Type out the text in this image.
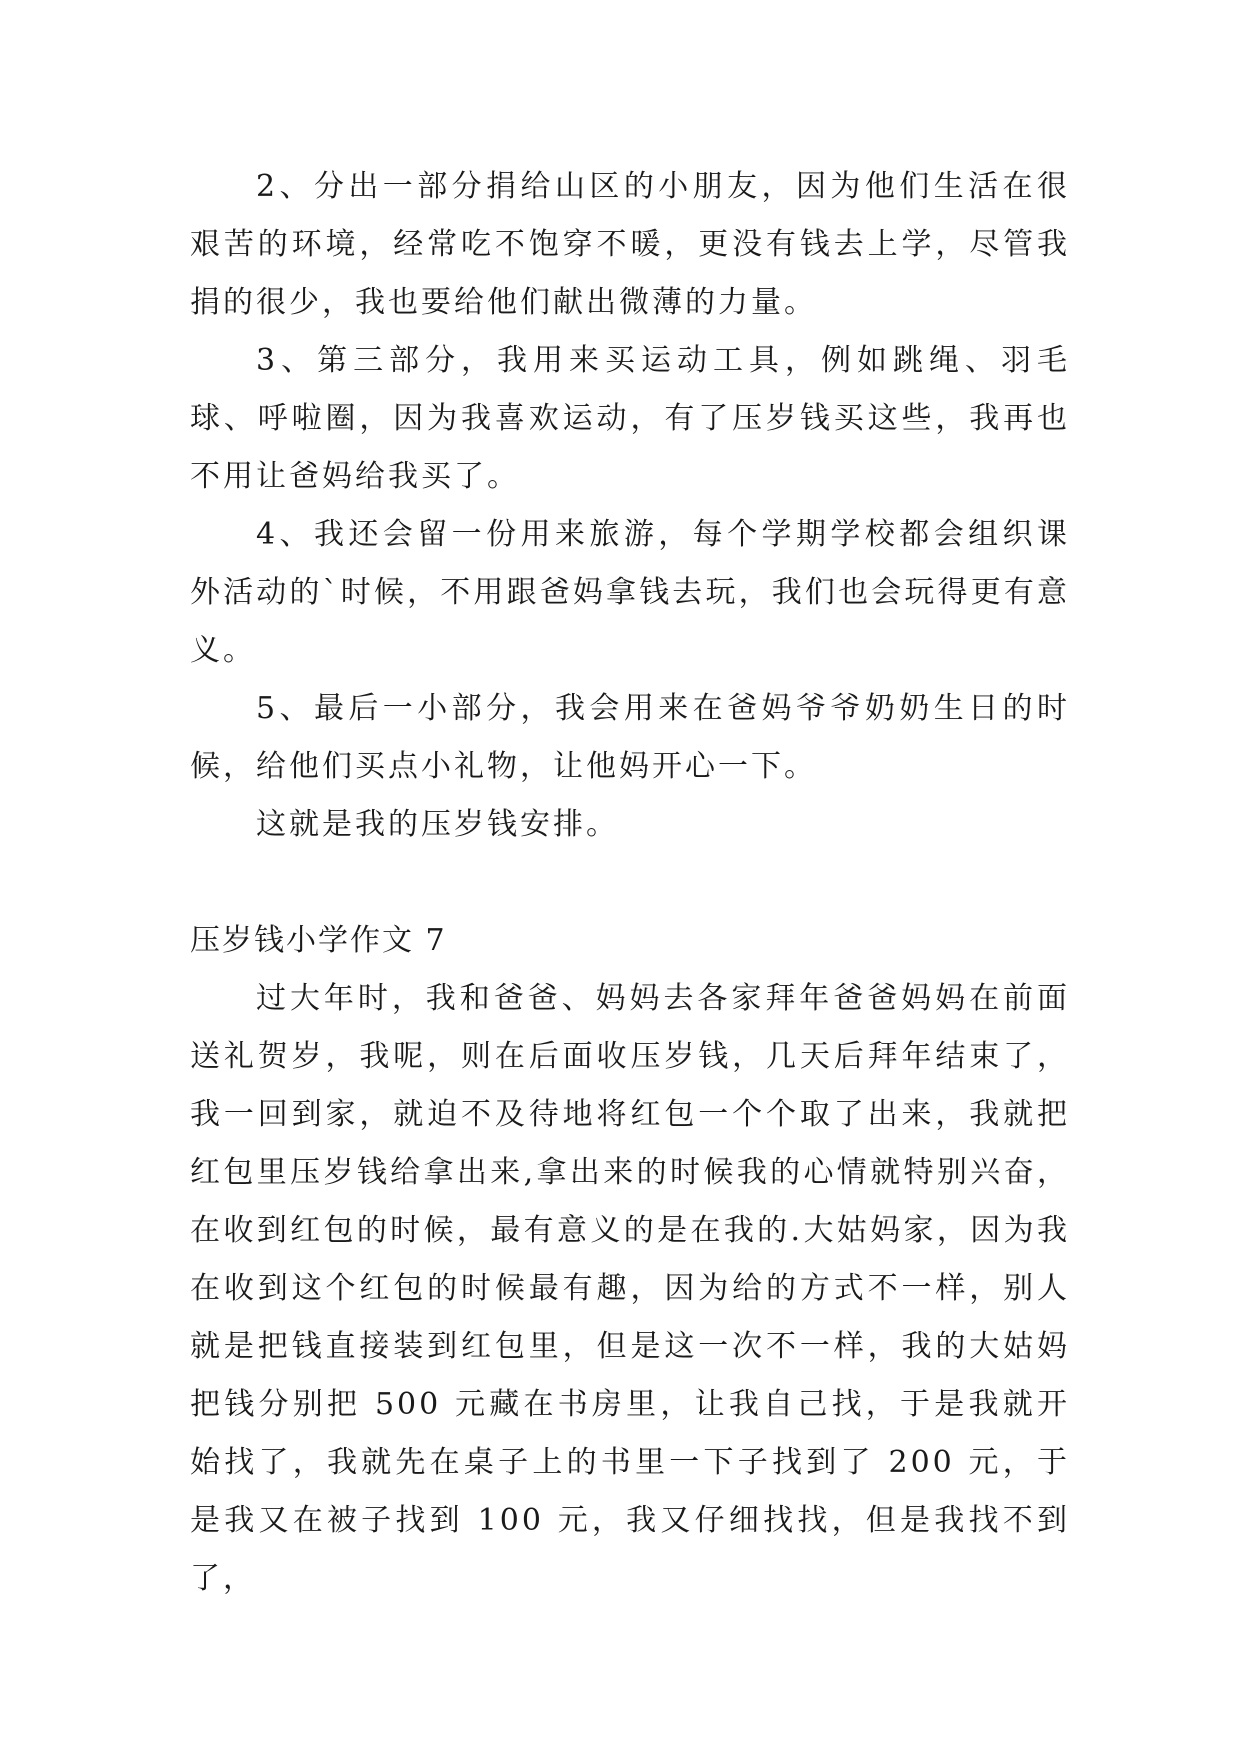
2、分出一部分捐给山区的小朋友，因为他们生活在很艰苦的环境，经常吃不饱穿不暖，更没有钱去上学，尽管我捐的很少，我也要给他们献出微薄的力量。

3、第三部分，我用来买运动工具，例如跳绳、羽毛球、呼啦圈，因为我喜欢运动，有了压岁钱买这些，我再也不用让爸妈给我买了。

4、我还会留一份用来旅游，每个学期学校都会组织课外活动的`时候，不用跟爸妈拿钱去玩，我们也会玩得更有意义。

5、最后一小部分，我会用来在爸妈爷爷奶奶生日的时候，给他们买点小礼物，让他妈开心一下。

这就是我的压岁钱安排。

压岁钱小学作文 7

过大年时，我和爸爸、妈妈去各家拜年爸爸妈妈在前面送礼贺岁，我呢，则在后面收压岁钱，几天后拜年结束了，我一回到家，就迫不及待地将红包一个个取了出来，我就把红包里压岁钱给拿出来,拿出来的时候我的心情就特别兴奋，在收到红包的时候，最有意义的是在我的.大姑妈家，因为我在收到这个红包的时候最有趣，因为给的方式不一样，别人就是把钱直接装到红包里，但是这一次不一样，我的大姑妈把钱分别把 500 元藏在书房里，让我自己找，于是我就开始找了，我就先在桌子上的书里一下子找到了 200 元，于是我又在被子找到 100 元，我又仔细找找，但是我找不到了，
